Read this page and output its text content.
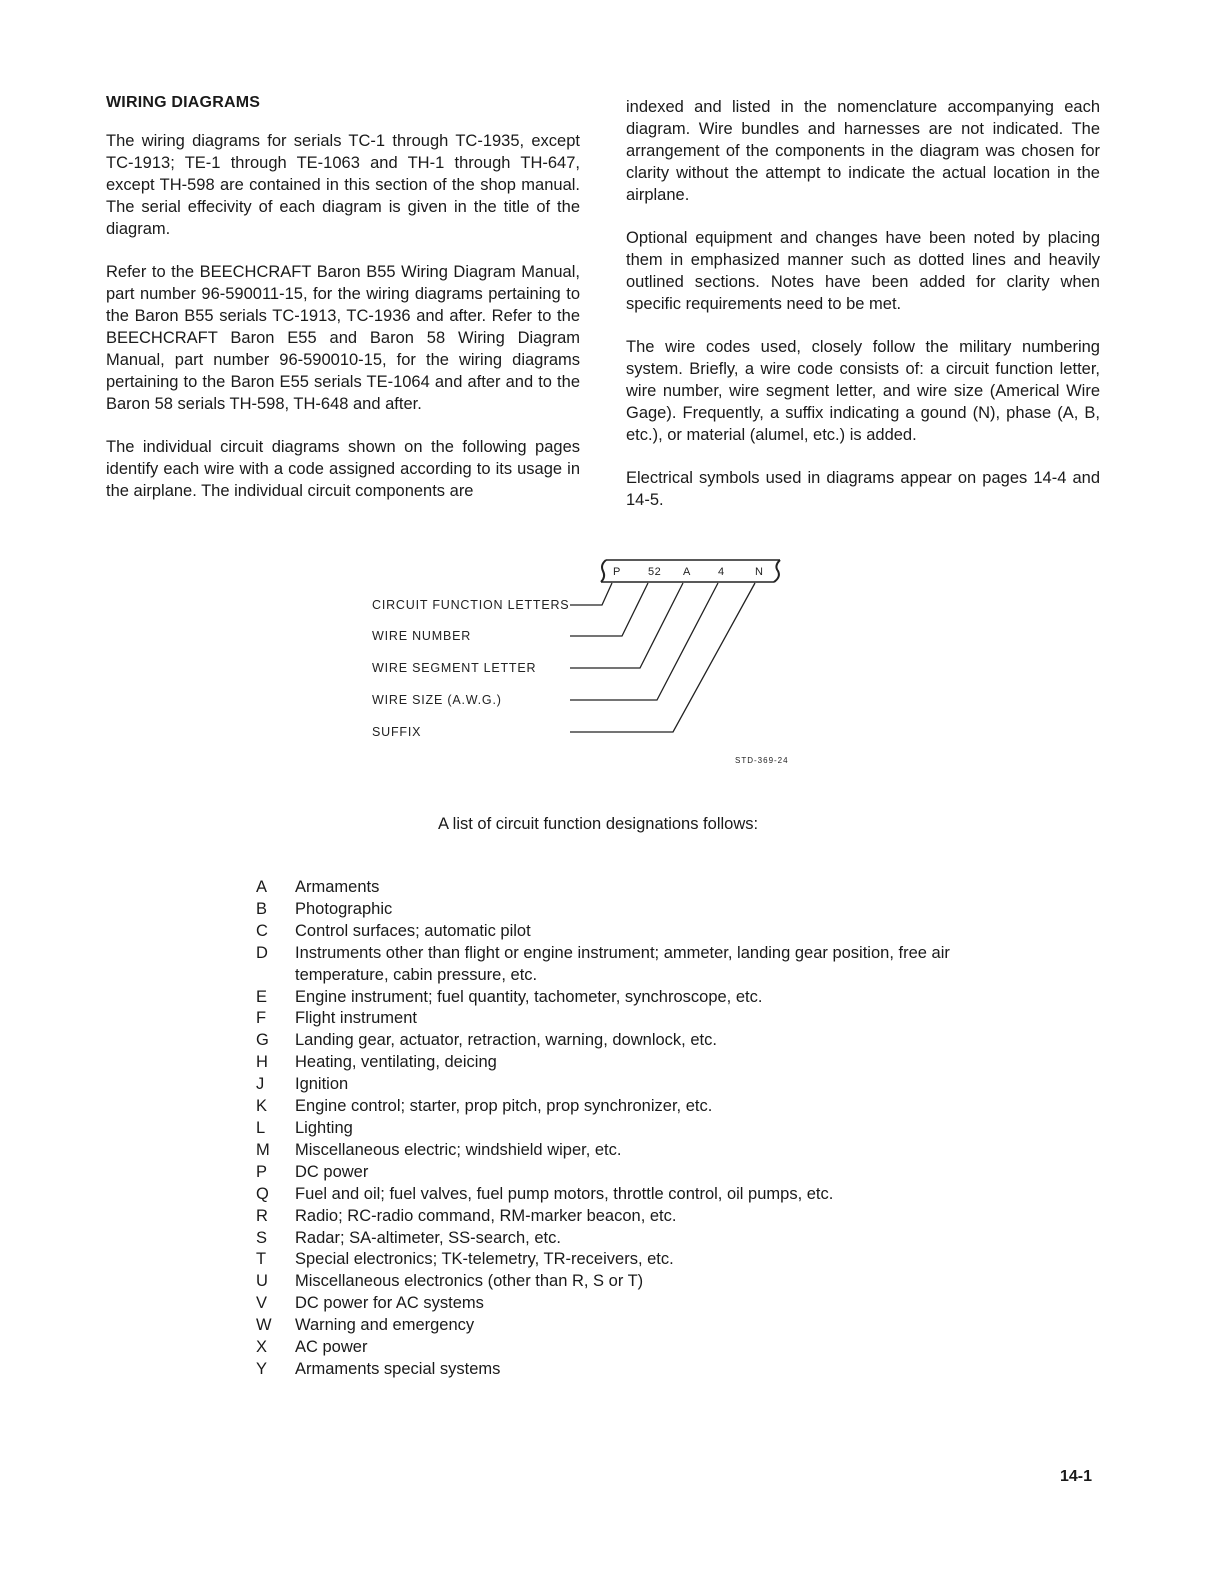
WIRING DIAGRAMS

The wiring diagrams for serials TC-1 through TC-1935, except TC-1913; TE-1 through TE-1063 and TH-1 through TH-647, except TH-598 are contained in this section of the shop manual. The serial effecivity of each diagram is given in the title of the diagram.

Refer to the BEECHCRAFT Baron B55 Wiring Diagram Manual, part number 96-590011-15, for the wiring diagrams pertaining to the Baron B55 serials TC-1913, TC-1936 and after. Refer to the BEECHCRAFT Baron E55 and Baron 58 Wiring Diagram Manual, part number 96-590010-15, for the wiring diagrams pertaining to the Baron E55 serials TE-1064 and after and to the Baron 58 serials TH-598, TH-648 and after.

The individual circuit diagrams shown on the following pages identify each wire with a code assigned according to its usage in the airplane. The individual circuit components are

indexed and listed in the nomenclature accompanying each diagram. Wire bundles and harnesses are not indicated. The arrangement of the components in the diagram was chosen for clarity without the attempt to indicate the actual location in the airplane.

Optional equipment and changes have been noted by placing them in emphasized manner such as dotted lines and heavily outlined sections. Notes have been added for clarity when specific requirements need to be met.

The wire codes used, closely follow the military numbering system. Briefly, a wire code consists of: a circuit function letter, wire number, wire segment letter, and wire size (Americal Wire Gage). Frequently, a suffix indicating a gound (N), phase (A, B, etc.), or material (alumel, etc.) is added.

Electrical symbols used in diagrams appear on pages 14-4 and 14-5.

P 52 A 4	N
CIRCUIT FUNCTION LETTERS
WIRE NUMBER
WIRE SEGMENT LETTER
WIRE SIZE (A.W.G.)
SUFFIX
STD-369-24
A list of circuit function designations follows:
A	Armaments
B	Photographic
C	Control surfaces; automatic pilot
D	Instruments other than flight or engine instrument; ammeter, landing gear position, free air temperature, cabin pressure, etc.
E	Engine instrument; fuel quantity, tachometer, synchroscope, etc.
F	Flight instrument
G	Landing gear, actuator, retraction, warning, downlock, etc.
H	Heating, ventilating, deicing
J	Ignition
K	Engine control; starter, prop pitch, prop synchronizer, etc.
L	Lighting
M	Miscellaneous electric; windshield wiper, etc.
P	DC power
Q	Fuel and oil; fuel valves, fuel pump motors, throttle control, oil pumps, etc.
R	Radio; RC-radio command, RM-marker beacon, etc.
S	Radar; SA-altimeter, SS-search, etc.
T	Special electronics; TK-telemetry, TR-receivers, etc.
U	Miscellaneous electronics (other than R, S or T)
V	DC power for AC systems
W	Warning and emergency
X	AC power
Y	Armaments special systems
14-1
